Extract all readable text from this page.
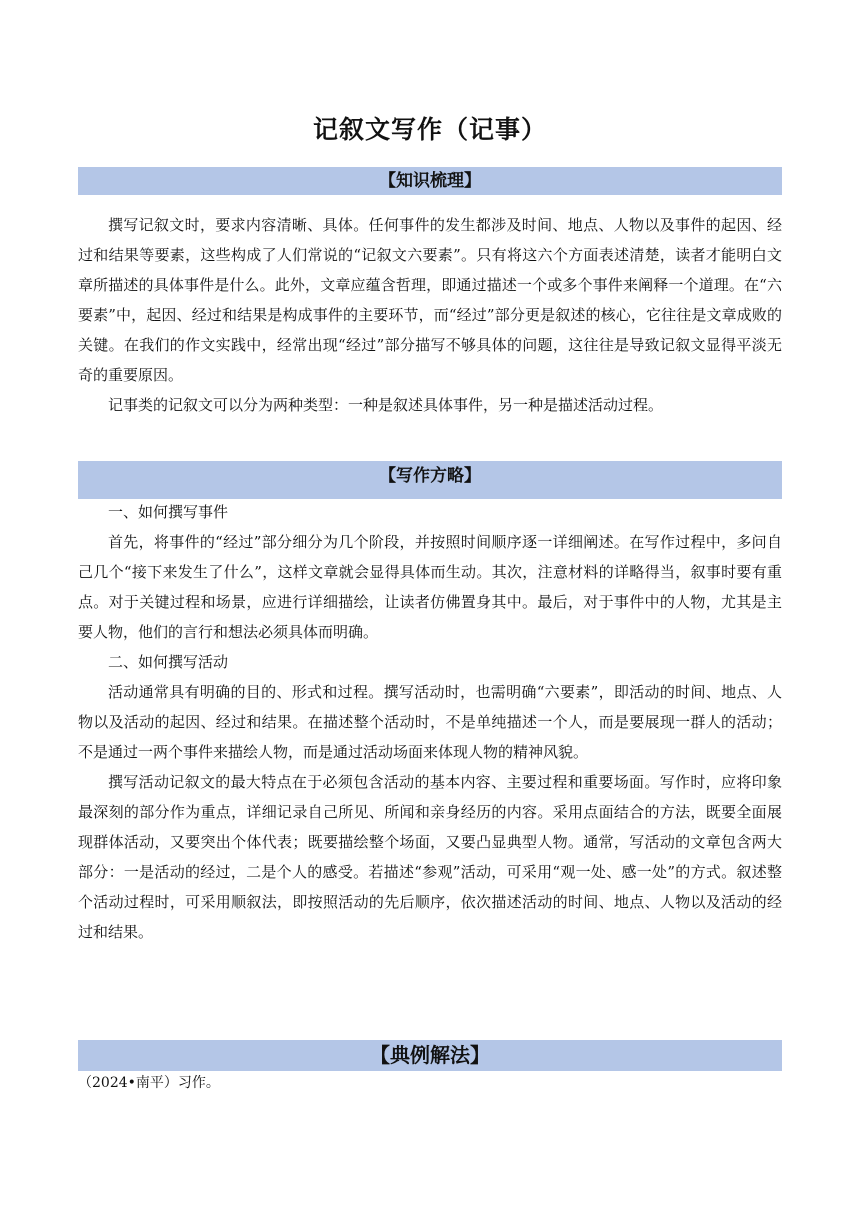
记叙文写作（记事）
【知识梳理】

撰写记叙文时，要求内容清晰、具体。任何事件的发生都涉及时间、地点、人物以及事件的起因、经过和结果等要素，这些构成了人们常说的“记叙文六要素”。只有将这六个方面表述清楚，读者才能明白文章所描述的具体事件是什么。此外，文章应蕴含哲理，即通过描述一个或多个事件来阐释一个道理。在“六要素”中，起因、经过和结果是构成事件的主要环节，而“经过”部分更是叙述的核心，它往往是文章成败的关键。在我们的作文实践中，经常出现“经过”部分描写不够具体的问题，这往往是导致记叙文显得平淡无奇的重要原因。

记事类的记叙文可以分为两种类型：一种是叙述具体事件，另一种是描述活动过程。

【写作方略】

一、如何撰写事件

首先，将事件的“经过”部分细分为几个阶段，并按照时间顺序逐一详细阐述。在写作过程中，多问自己几个“接下来发生了什么”，这样文章就会显得具体而生动。其次，注意材料的详略得当，叙事时要有重点。对于关键过程和场景，应进行详细描绘，让读者仿佛置身其中。最后，对于事件中的人物，尤其是主要人物，他们的言行和想法必须具体而明确。

二、如何撰写活动

活动通常具有明确的目的、形式和过程。撰写活动时，也需明确“六要素”，即活动的时间、地点、人物以及活动的起因、经过和结果。在描述整个活动时，不是单纯描述一个人，而是要展现一群人的活动；不是通过一两个事件来描绘人物，而是通过活动场面来体现人物的精神风貌。

撰写活动记叙文的最大特点在于必须包含活动的基本内容、主要过程和重要场面。写作时，应将印象最深刻的部分作为重点，详细记录自己所见、所闻和亲身经历的内容。采用点面结合的方法，既要全面展现群体活动，又要突出个体代表；既要描绘整个场面，又要凸显典型人物。通常，写活动的文章包含两大部分：一是活动的经过，二是个人的感受。若描述“参观”活动，可采用“观一处、感一处”的方式。叙述整个活动过程时，可采用顺叙法，即按照活动的先后顺序，依次描述活动的时间、地点、人物以及活动的经过和结果。

【典例解法】
（2024•南平）习作。
